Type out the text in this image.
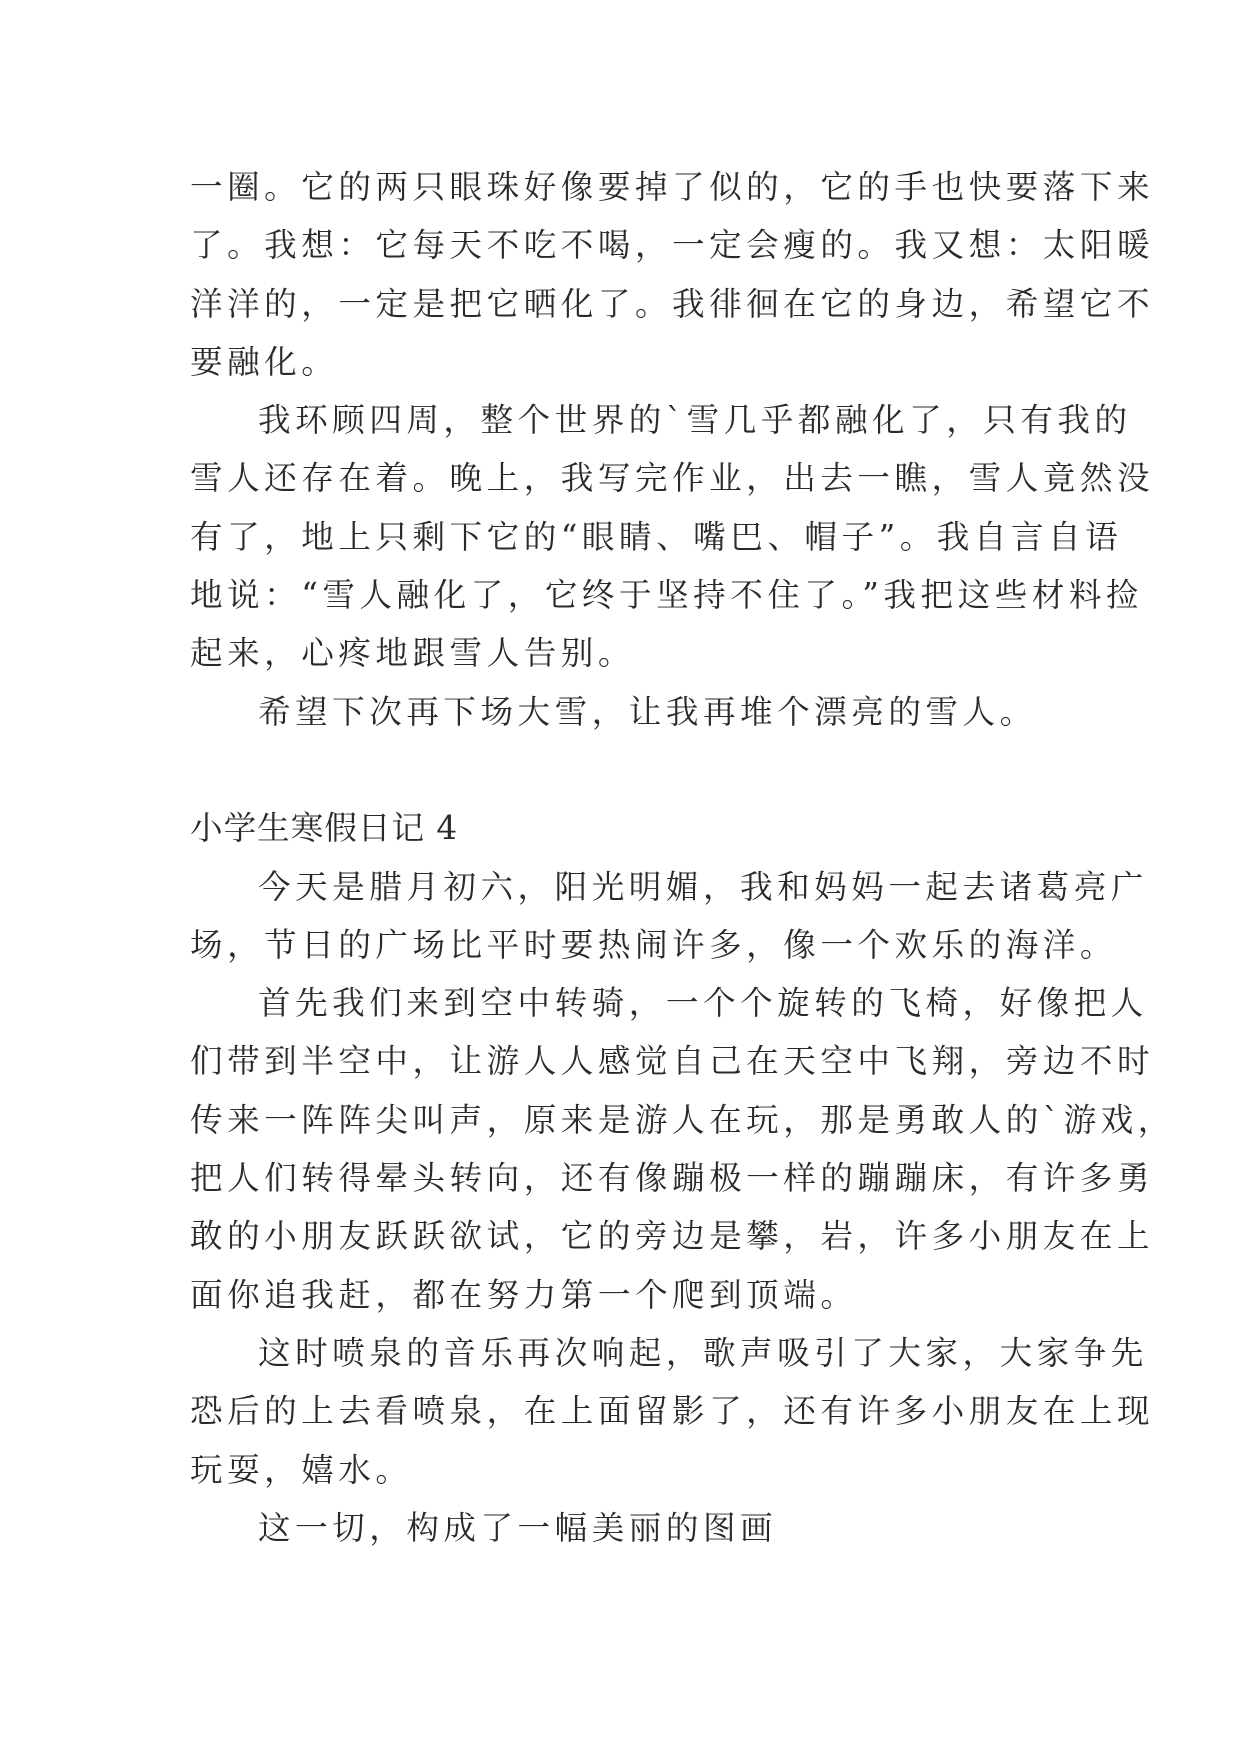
一圈。它的两只眼珠好像要掉了似的，它的手也快要落下来
了。我想：它每天不吃不喝，一定会瘦的。我又想：太阳暖
洋洋的，一定是把它晒化了。我徘徊在它的身边，希望它不
要融化。
我环顾四周，整个世界的`雪几乎都融化了，只有我的
雪人还存在着。晚上，我写完作业，出去一瞧，雪人竟然没
有了，地上只剩下它的“眼睛、嘴巴、帽子”。我自言自语
地说：“雪人融化了，它终于坚持不住了。”我把这些材料捡
起来，心疼地跟雪人告别。
希望下次再下场大雪，让我再堆个漂亮的雪人。
小学生寒假日记 4
今天是腊月初六，阳光明媚，我和妈妈一起去诸葛亮广
场，节日的广场比平时要热闹许多，像一个欢乐的海洋。
首先我们来到空中转骑，一个个旋转的飞椅，好像把人
们带到半空中，让游人人感觉自己在天空中飞翔，旁边不时
传来一阵阵尖叫声，原来是游人在玩，那是勇敢人的`游戏，
把人们转得晕头转向，还有像蹦极一样的蹦蹦床，有许多勇
敢的小朋友跃跃欲试，它的旁边是攀，岩，许多小朋友在上
面你追我赶，都在努力第一个爬到顶端。
这时喷泉的音乐再次响起，歌声吸引了大家，大家争先
恐后的上去看喷泉，在上面留影了，还有许多小朋友在上现
玩耍，嬉水。
这一切，构成了一幅美丽的图画
